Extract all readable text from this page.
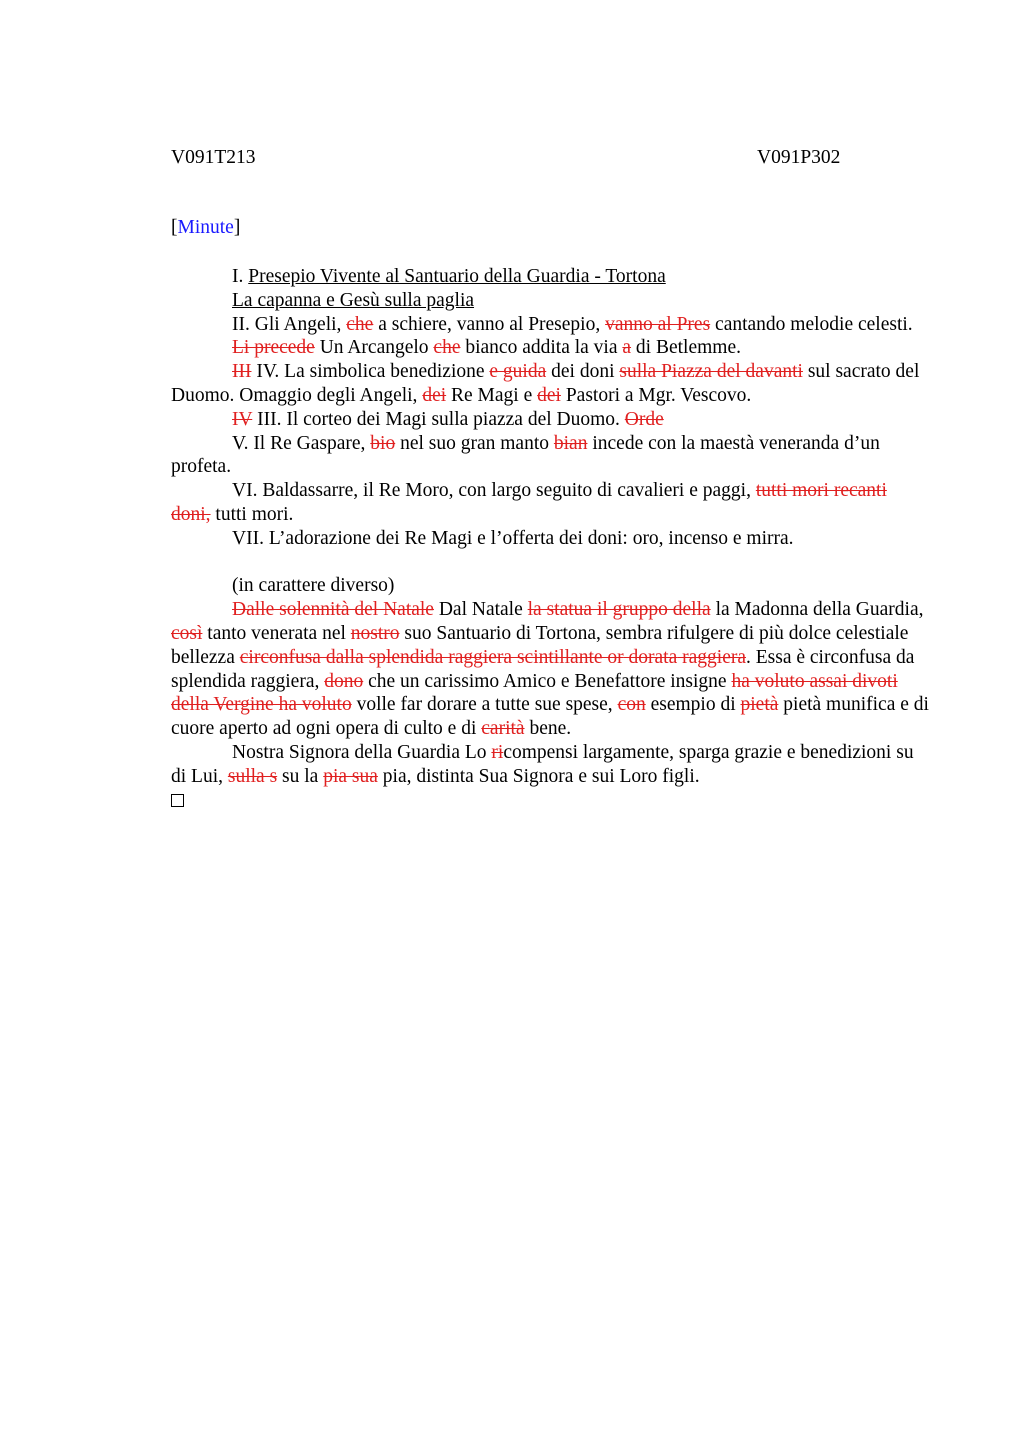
V091T213	V091P302
[Minute]

I. Presepio Vivente al Santuario della Guardia - Tortona

La capanna e Gesù sulla paglia

II. Gli Angeli, che a schiere, vanno al Presepio, vanno al Pres cantando melodie celesti.

Li precede Un Arcangelo che bianco addita la via a di Betlemme.

III IV. La simbolica benedizione e guida dei doni sulla Piazza del davanti sul sacrato del Duomo. Omaggio degli Angeli, dei Re Magi e dei Pastori a Mgr. Vescovo.

IV III. Il corteo dei Magi sulla piazza del Duomo. Orde

V. Il Re Gaspare, bio nel suo gran manto bian incede con la maestà veneranda d’un profeta.

VI. Baldassarre, il Re Moro, con largo seguito di cavalieri e paggi, tutti mori recanti doni, tutti mori.

VII. L’adorazione dei Re Magi e l’offerta dei doni: oro, incenso e mirra.

(in carattere diverso)

Dalle solennità del Natale Dal Natale la statua il gruppo della la Madonna della Guardia, così tanto venerata nel nostro suo Santuario di Tortona, sembra rifulgere di più dolce celestiale bellezza circonfusa dalla splendida raggiera scintillante or dorata raggiera. Essa è circonfusa da splendida raggiera, dono che un carissimo Amico e Benefattore insigne ha voluto assai divoti della Vergine ha voluto volle far dorare a tutte sue spese, con esempio di pietà pietà munifica e di cuore aperto ad ogni opera di culto e di carità bene.

Nostra Signora della Guardia Lo ricompensi largamente, sparga grazie e benedizioni su di Lui, sulla s su la pia sua pia, distinta Sua Signora e sui Loro figli.
